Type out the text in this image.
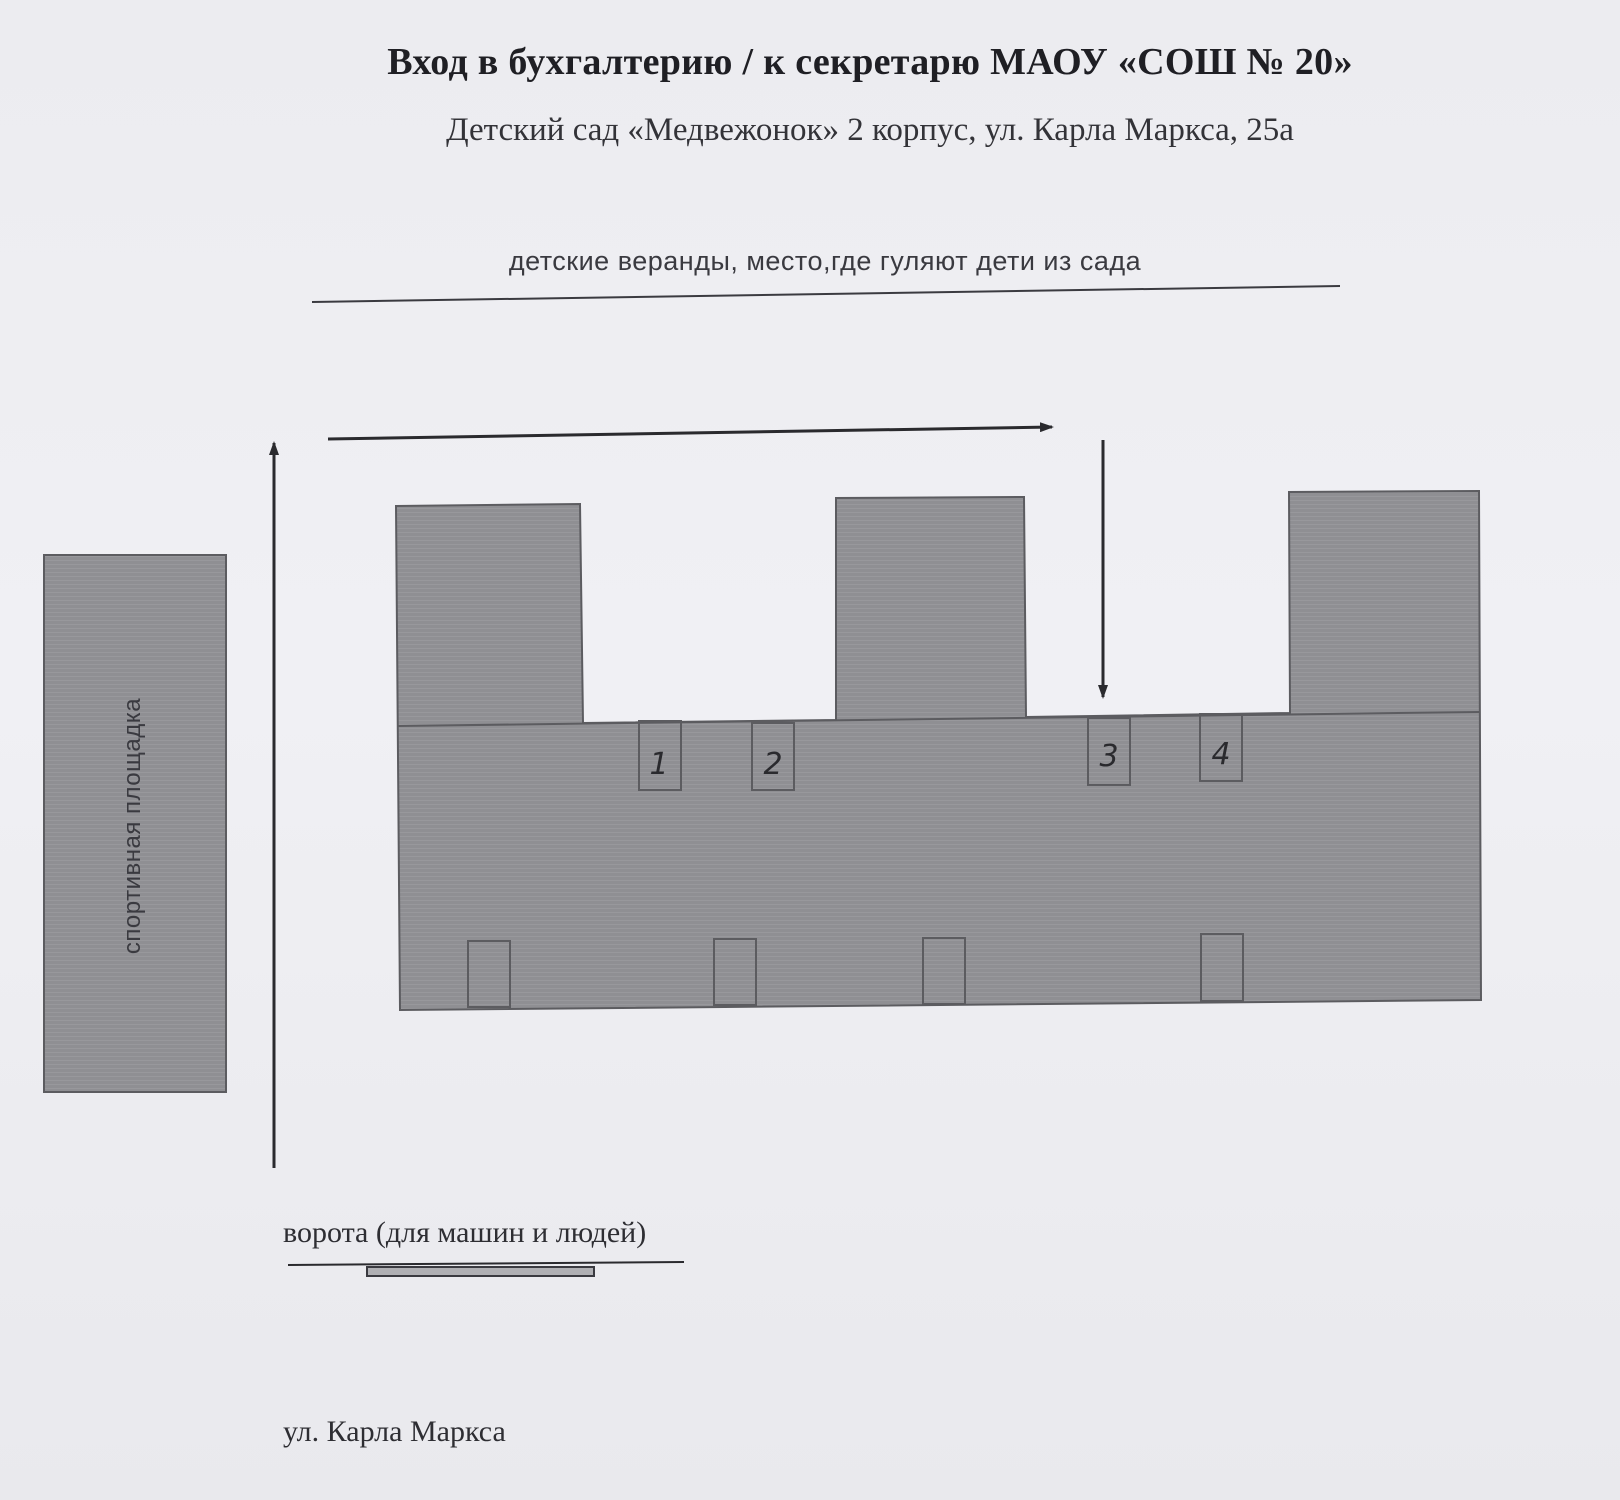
1	2	3	4
Вход в бухгалтерию / к секретарю МАОУ «СОШ № 20»
Детский сад «Медвежонок» 2 корпус, ул. Карла Маркса, 25а
детские веранды, место,где гуляют дети из сада
спортивная площадка
ворота (для машин и людей)
ул. Карла Маркса
